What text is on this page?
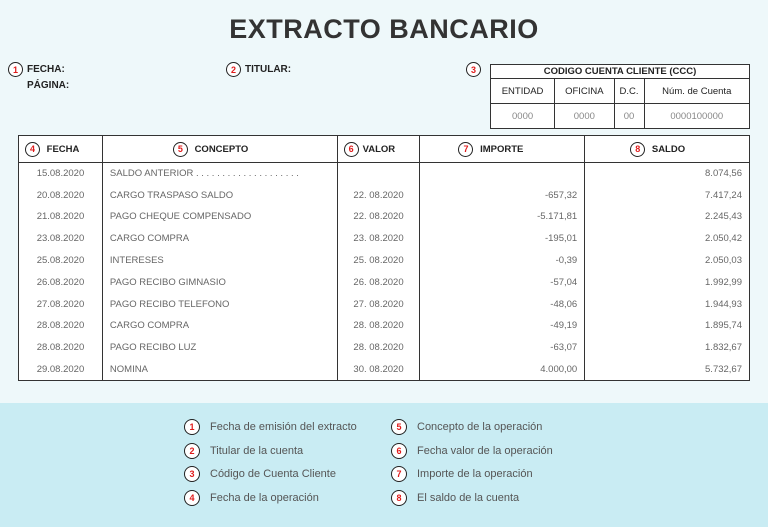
EXTRACTO BANCARIO
1 FECHA:
PÁGINA:
2 TITULAR:	3	CODIGO CUENTA CLIENTE (CCC)			
ENTIDAD	OFICINA	D.C.	Núm. de Cuenta
0000	0000	00	0000100000
4 FECHA	5 CONCEPTO	6 VALOR	7 IMPORTE	8 SALDO
15.08.2020	SALDO ANTERIOR . . . . . . . . . . . . . . . . . . . .			8.074,56
20.08.2020	CARGO TRASPASO SALDO	22. 08.2020	-657,32	7.417,24
21.08.2020	PAGO CHEQUE COMPENSADO	22. 08.2020	-5.171,81	2.245,43
23.08.2020	CARGO COMPRA	23. 08.2020	-195,01	2.050,42
25.08.2020	INTERESES	25. 08.2020	-0,39	2.050,03
26.08.2020	PAGO RECIBO GIMNASIO	26. 08.2020	-57,04	1.992,99
27.08.2020	PAGO RECIBO TELEFONO	27. 08.2020	-48,06	1.944,93
28.08.2020	CARGO COMPRA	28. 08.2020	-49,19	1.895,74
28.08.2020	PAGO RECIBO LUZ	28. 08.2020	-63,07	1.832,67
29.08.2020	NOMINA	30. 08.2020	4.000,00	5.732,67
1	Fecha de emisión del extracto
2	Titular de la cuenta
3	Código de Cuenta Cliente
4	Fecha de la operación
5	Concepto de la operación
6	Fecha valor de la operación
7	Importe de la operación
8	El saldo de la cuenta
